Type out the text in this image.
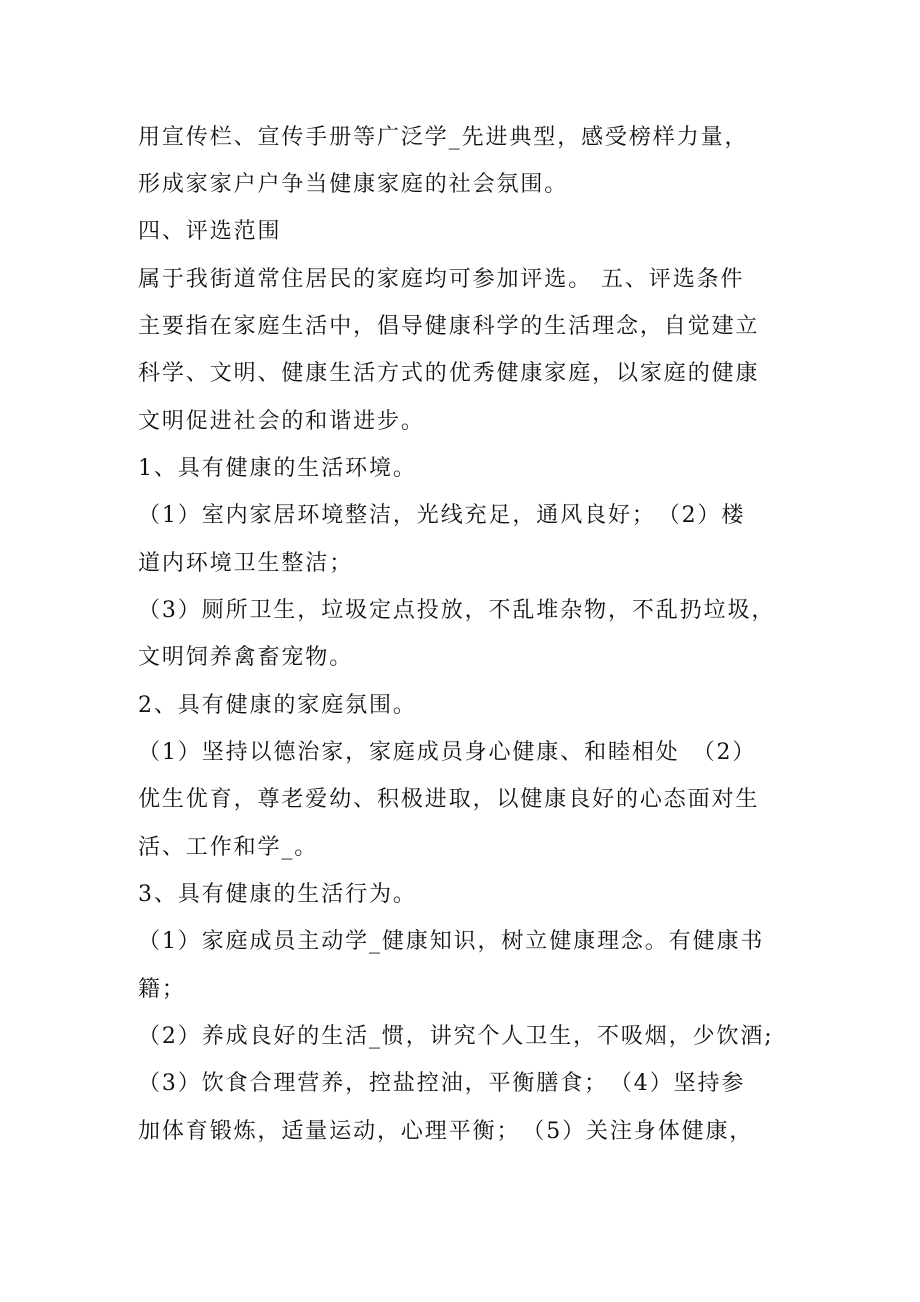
用宣传栏、宣传手册等广泛学_先进典型，感受榜样力量，
形成家家户户争当健康家庭的社会氛围。
四、评选范围
属于我街道常住居民的家庭均可参加评选。 五、评选条件
主要指在家庭生活中，倡导健康科学的生活理念，自觉建立
科学、文明、健康生活方式的优秀健康家庭，以家庭的健康
文明促进社会的和谐进步。
1、具有健康的生活环境。
（1）室内家居环境整洁，光线充足，通风良好；　（2）楼
道内环境卫生整洁；
（3）厕所卫生，垃圾定点投放，不乱堆杂物，不乱扔垃圾，
文明饲养禽畜宠物。
2、具有健康的家庭氛围。
（1）坚持以德治家，家庭成员身心健康、和睦相处　（2）
优生优育，尊老爱幼、积极进取，以健康良好的心态面对生
活、工作和学_。
3、具有健康的生活行为。
（1）家庭成员主动学_健康知识，树立健康理念。有健康书
籍；
（2）养成良好的生活_惯，讲究个人卫生，不吸烟，少饮酒;
（3）饮食合理营养，控盐控油，平衡膳食；　（4）坚持参
加体育锻炼，适量运动，心理平衡；　（5）关注身体健康，
